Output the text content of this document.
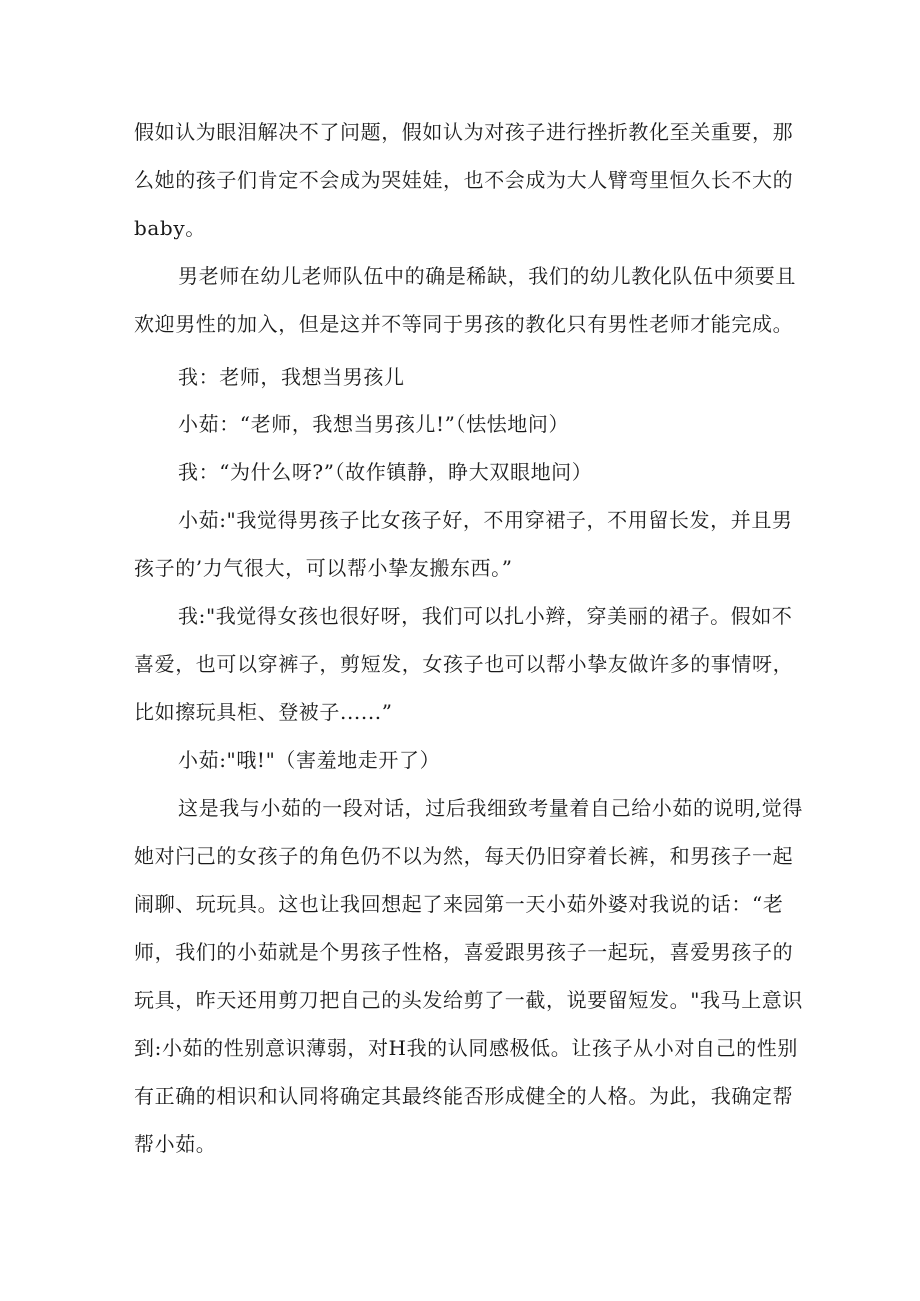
假如认为眼泪解决不了问题，假如认为对孩子进行挫折教化至关重要，那
么她的孩子们肯定不会成为哭娃娃，也不会成为大人臂弯里恒久长不大的
baby。
男老师在幼儿老师队伍中的确是稀缺，我们的幼儿教化队伍中须要且
欢迎男性的加入，但是这并不等同于男孩的教化只有男性老师才能完成。
我：老师，我想当男孩儿
小茹：“老师，我想当男孩儿!”（怯怯地问）
我：“为什么呀?”（故作镇静，睁大双眼地问）
小茹:"我觉得男孩子比女孩子好，不用穿裙子，不用留长发，并且男
孩子的’力气很大，可以帮小挚友搬东西。”
我:"我觉得女孩也很好呀，我们可以扎小辫，穿美丽的裙子。假如不
喜爱，也可以穿裤子，剪短发，女孩子也可以帮小挚友做许多的事情呀，
比如擦玩具柜、登被子......”
小茹:"哦!"（害羞地走开了）
这是我与小茹的一段对话，过后我细致考量着自己给小茹的说明,觉得
她对闩己的女孩子的角色仍不以为然，每天仍旧穿着长裤，和男孩子一起
闹聊、玩玩具。这也让我回想起了来园第一天小茹外婆对我说的话：“老
师，我们的小茹就是个男孩子性格，喜爱跟男孩子一起玩，喜爱男孩子的
玩具，昨天还用剪刀把自己的头发给剪了一截，说要留短发。"我马上意识
到:小茹的性别意识薄弱，对H我的认同感极低。让孩子从小对自己的性别
有正确的相识和认同将确定其最终能否形成健全的人格。为此，我确定帮
帮小茹。
